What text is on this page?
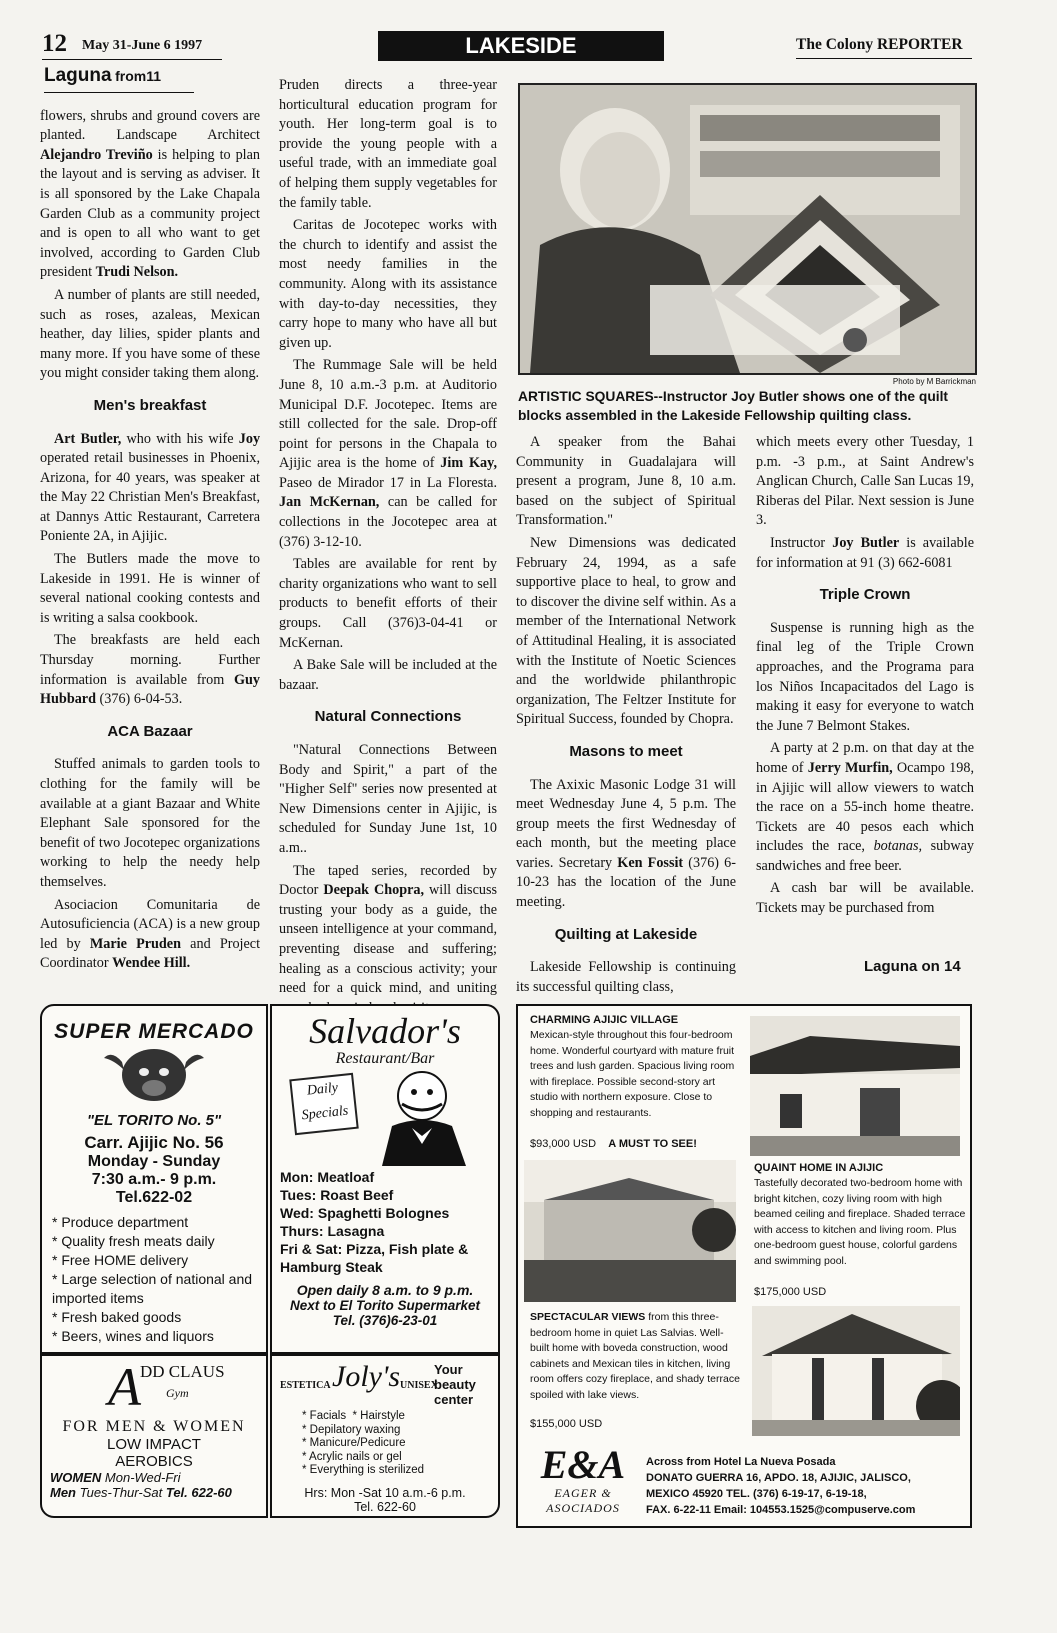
12 May 31-June 6 1997	LAKESIDE	The Colony REPORTER
Laguna from11

flowers, shrubs and ground covers are planted. Landscape Architect Alejandro Treviño is helping to plan the layout and is serving as adviser. It is all sponsored by the Lake Chapala Garden Club as a community project and is open to all who want to get involved, according to Garden Club president Trudi Nelson.

A number of plants are still needed, such as roses, azaleas, Mexican heather, day lilies, spider plants and many more. If you have some of these you might consider taking them along.

Men's breakfast

Art Butler, who with his wife Joy operated retail businesses in Phoenix, Arizona, for 40 years, was speaker at the May 22 Christian Men's Breakfast, at Dannys Attic Restaurant, Carretera Poniente 2A, in Ajijic.

The Butlers made the move to Lakeside in 1991. He is winner of several national cooking contests and is writing a salsa cookbook.

The breakfasts are held each Thursday morning. Further information is available from Guy Hubbard (376) 6-04-53.

ACA Bazaar

Stuffed animals to garden tools to clothing for the family will be available at a giant Bazaar and White Elephant Sale sponsored for the benefit of two Jocotepec organizations working to help the needy help themselves.

Asociacion Comunitaria de Autosuficiencia (ACA) is a new group led by Marie Pruden and Project Coordinator Wendee Hill.

Pruden directs a three-year horticultural education program for youth. Her long-term goal is to provide the young people with a useful trade, with an immediate goal of helping them supply vegetables for the family table.

Caritas de Jocotepec works with the church to identify and assist the most needy families in the community. Along with its assistance with day-to-day necessities, they carry hope to many who have all but given up.

The Rummage Sale will be held June 8, 10 a.m.-3 p.m. at Auditorio Municipal D.F. Jocotepec. Items are still collected for the sale. Drop-off point for persons in the Chapala to Ajijic area is the home of Jim Kay, Paseo de Mirador 17 in La Floresta. Jan McKernan, can be called for collections in the Jocotepec area at (376) 3-12-10.

Tables are available for rent by charity organizations who want to sell products to benefit efforts of their groups. Call (376)3-04-41 or McKernan.

A Bake Sale will be included at the bazaar.

Natural Connections

"Natural Connections Between Body and Spirit," a part of the "Higher Self" series now presented at New Dimensions center in Ajijic, is scheduled for Sunday June 1st, 10 a.m..

The taped series, recorded by Doctor Deepak Chopra, will discuss trusting your body as a guide, the unseen intelligence at your command, preventing disease and suffering; healing as a conscious activity; your need for a quick mind, and uniting

Photo by M Barrickman
ARTISTIC SQUARES--Instructor Joy Butler shows one of the quilt blocks assembled in the Lakeside Fellowship quilting class.

A speaker from the Bahai Community in Guadalajara will present a program, June 8, 10 a.m. based on the subject of Spiritual Transformation."

New Dimensions was dedicated February 24, 1994, as a safe supportive place to heal, to grow and to discover the divine self within. As a member of the International Network of Attitudinal Healing, it is associated with the Institute of Noetic Sciences and the worldwide philanthropic organization, The Feltzer Institute for Spiritual Success, founded by Chopra.

Masons to meet

The Axixic Masonic Lodge 31 will meet Wednesday June 4, 5 p.m. The group meets the first Wednesday of each month, but the meeting place varies. Secretary Ken Fossit (376) 6-10-23 has the location of the June meeting.

Quilting at Lakeside

Lakeside Fellowship is continuing its successful quilting class,

which meets every other Tuesday, 1 p.m. -3 p.m., at Saint Andrew's Anglican Church, Calle San Lucas 19, Riberas del Pilar. Next session is June 3.

Instructor Joy Butler is available for information at 91 (3) 662-6081

Triple Crown

Suspense is running high as the final leg of the Triple Crown approaches, and the Programa para los Niños Incapacitados del Lago is making it easy for everyone to watch the June 7 Belmont Stakes.

A party at 2 p.m. on that day at the home of Jerry Murfin, Ocampo 198, in Ajijic will allow viewers to watch the race on a 55-inch home theatre. Tickets are 40 pesos each which includes the race, botanas, subway sandwiches and free beer.

A cash bar will be available. Tickets may be purchased from

Laguna on 14
SUPER MERCADO
"EL TORITO No. 5"
Carr. Ajijic No. 56
Monday - Sunday
7:30 a.m.- 9 p.m.
Tel.622-02
* Produce department
* Quality fresh meats daily
* Free HOME delivery
* Large selection of national and imported items
* Fresh baked goods
* Beers, wines and liquors
Salvador's
Restaurant/Bar
Daily Specials
Mon: Meatloaf
Tues: Roast Beef
Wed: Spaghetti Bolognes
Thurs: Lasagna
Fri & Sat: Pizza, Fish plate & Hamburg Steak
Open daily 8 a.m. to 9 p.m.
Next to El Torito Supermarket
Tel. (376)6-23-01
A DD CLAUS
Gym
FOR MEN & WOMEN
LOW IMPACT
AEROBICS
WOMEN Mon-Wed-Fri
Men Tues-Thur-Sat Tel. 622-60
ESTETICA Joly's UNISEX
Your beauty center
* Facials  * Hairstyle
* Depilatory waxing
* Manicure/Pedicure
* Acrylic nails or gel
* Everything is sterilized
Hrs: Mon -Sat 10 a.m.-6 p.m.
Tel. 622-60
CHARMING AJIJIC VILLAGE
Mexican-style throughout this four-bedroom home. Wonderful courtyard with mature fruit trees and lush garden. Spacious living room with fireplace. Possible second-story art studio with northern exposure. Close to shopping and restaurants.
$93,000 USD A MUST TO SEE!
QUAINT HOME IN AJIJIC
Tastefully decorated two-bedroom home with bright kitchen, cozy living room with high beamed ceiling and fireplace. Shaded terrace with access to kitchen and living room. Plus one-bedroom guest house, colorful gardens and swimming pool.
$175,000 USD
SPECTACULAR VIEWS from this three-bedroom home in quiet Las Salvias. Well-built home with boveda construction, wood cabinets and Mexican tiles in kitchen, living room offers cozy fireplace, and shady terrace spoiled with lake views.
$155,000 USD
E&A
EAGER &
ASOCIADOS
Across from Hotel La Nueva Posada
DONATO GUERRA 16, APDO. 18, AJIJIC, JALISCO,
MEXICO 45920 TEL. (376) 6-19-17, 6-19-18,
FAX. 6-22-11 Email: 104553.1525@compuserve.com
